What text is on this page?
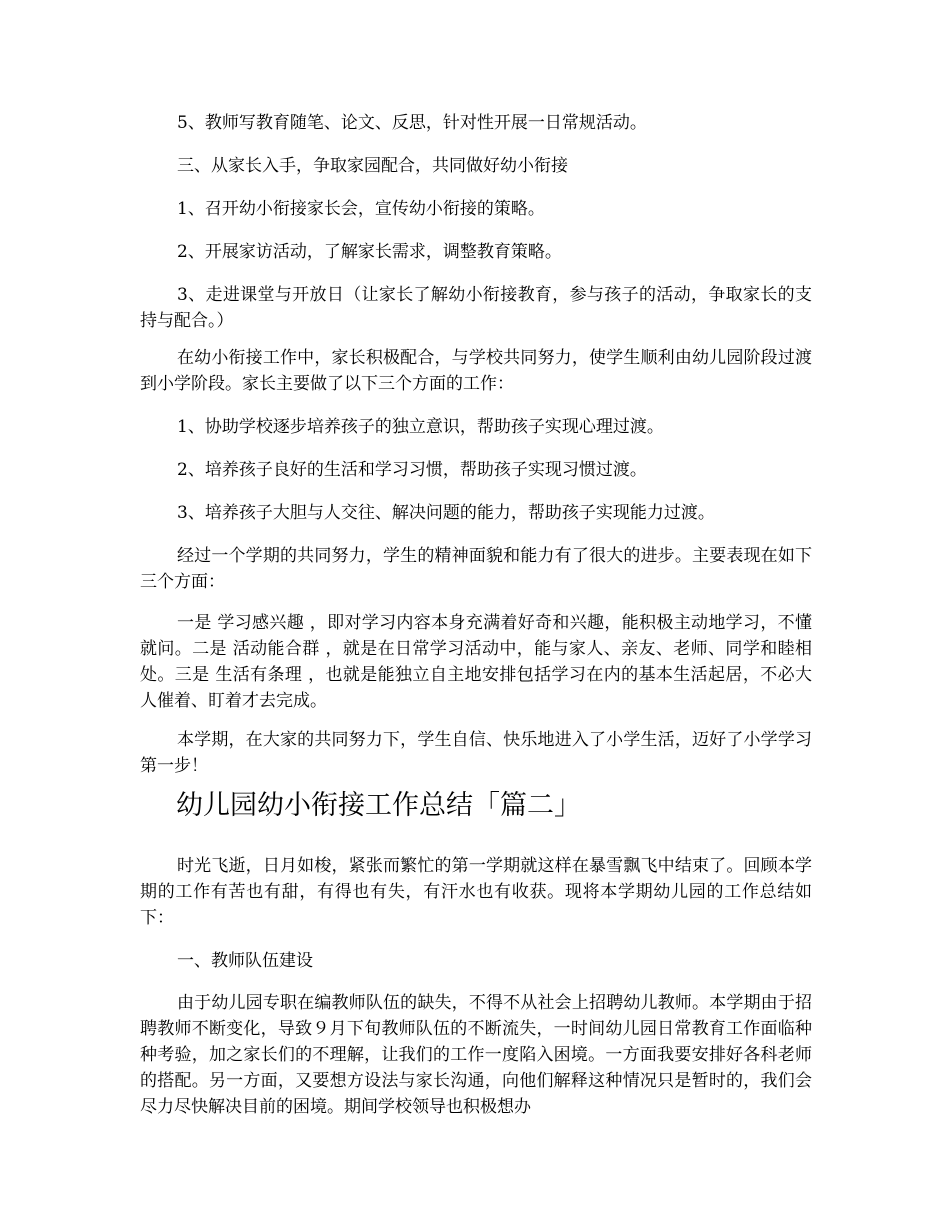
5、教师写教育随笔、论文、反思，针对性开展一日常规活动。

三、从家长入手，争取家园配合，共同做好幼小衔接

1、召开幼小衔接家长会，宣传幼小衔接的策略。

2、开展家访活动，了解家长需求，调整教育策略。

3、走进课堂与开放日（让家长了解幼小衔接教育，参与孩子的活动，争取家长的支持与配合。）

在幼小衔接工作中，家长积极配合，与学校共同努力，使学生顺利由幼儿园阶段过渡到小学阶段。家长主要做了以下三个方面的工作：

1、协助学校逐步培养孩子的独立意识，帮助孩子实现心理过渡。

2、培养孩子良好的生活和学习习惯，帮助孩子实现习惯过渡。

3、培养孩子大胆与人交往、解决问题的能力，帮助孩子实现能力过渡。

经过一个学期的共同努力，学生的精神面貌和能力有了很大的进步。主要表现在如下三个方面：

一是 学习感兴趣 ，即对学习内容本身充满着好奇和兴趣，能积极主动地学习，不懂就问。二是 活动能合群 ，就是在日常学习活动中，能与家人、亲友、老师、同学和睦相处。三是 生活有条理 ，也就是能独立自主地安排包括学习在内的基本生活起居，不必大人催着、盯着才去完成。

本学期，在大家的共同努力下，学生自信、快乐地进入了小学生活，迈好了小学学习第一步！

幼儿园幼小衔接工作总结「篇二」

时光飞逝，日月如梭，紧张而繁忙的第一学期就这样在暴雪飘飞中结束了。回顾本学期的工作有苦也有甜，有得也有失，有汗水也有收获。现将本学期幼儿园的工作总结如下：

一、教师队伍建设

由于幼儿园专职在编教师队伍的缺失，不得不从社会上招聘幼儿教师。本学期由于招聘教师不断变化，导致９月下旬教师队伍的不断流失，一时间幼儿园日常教育工作面临种种考验，加之家长们的不理解，让我们的工作一度陷入困境。一方面我要安排好各科老师的搭配。另一方面，又要想方设法与家长沟通，向他们解释这种情况只是暂时的，我们会尽力尽快解决目前的困境。期间学校领导也积极想办
